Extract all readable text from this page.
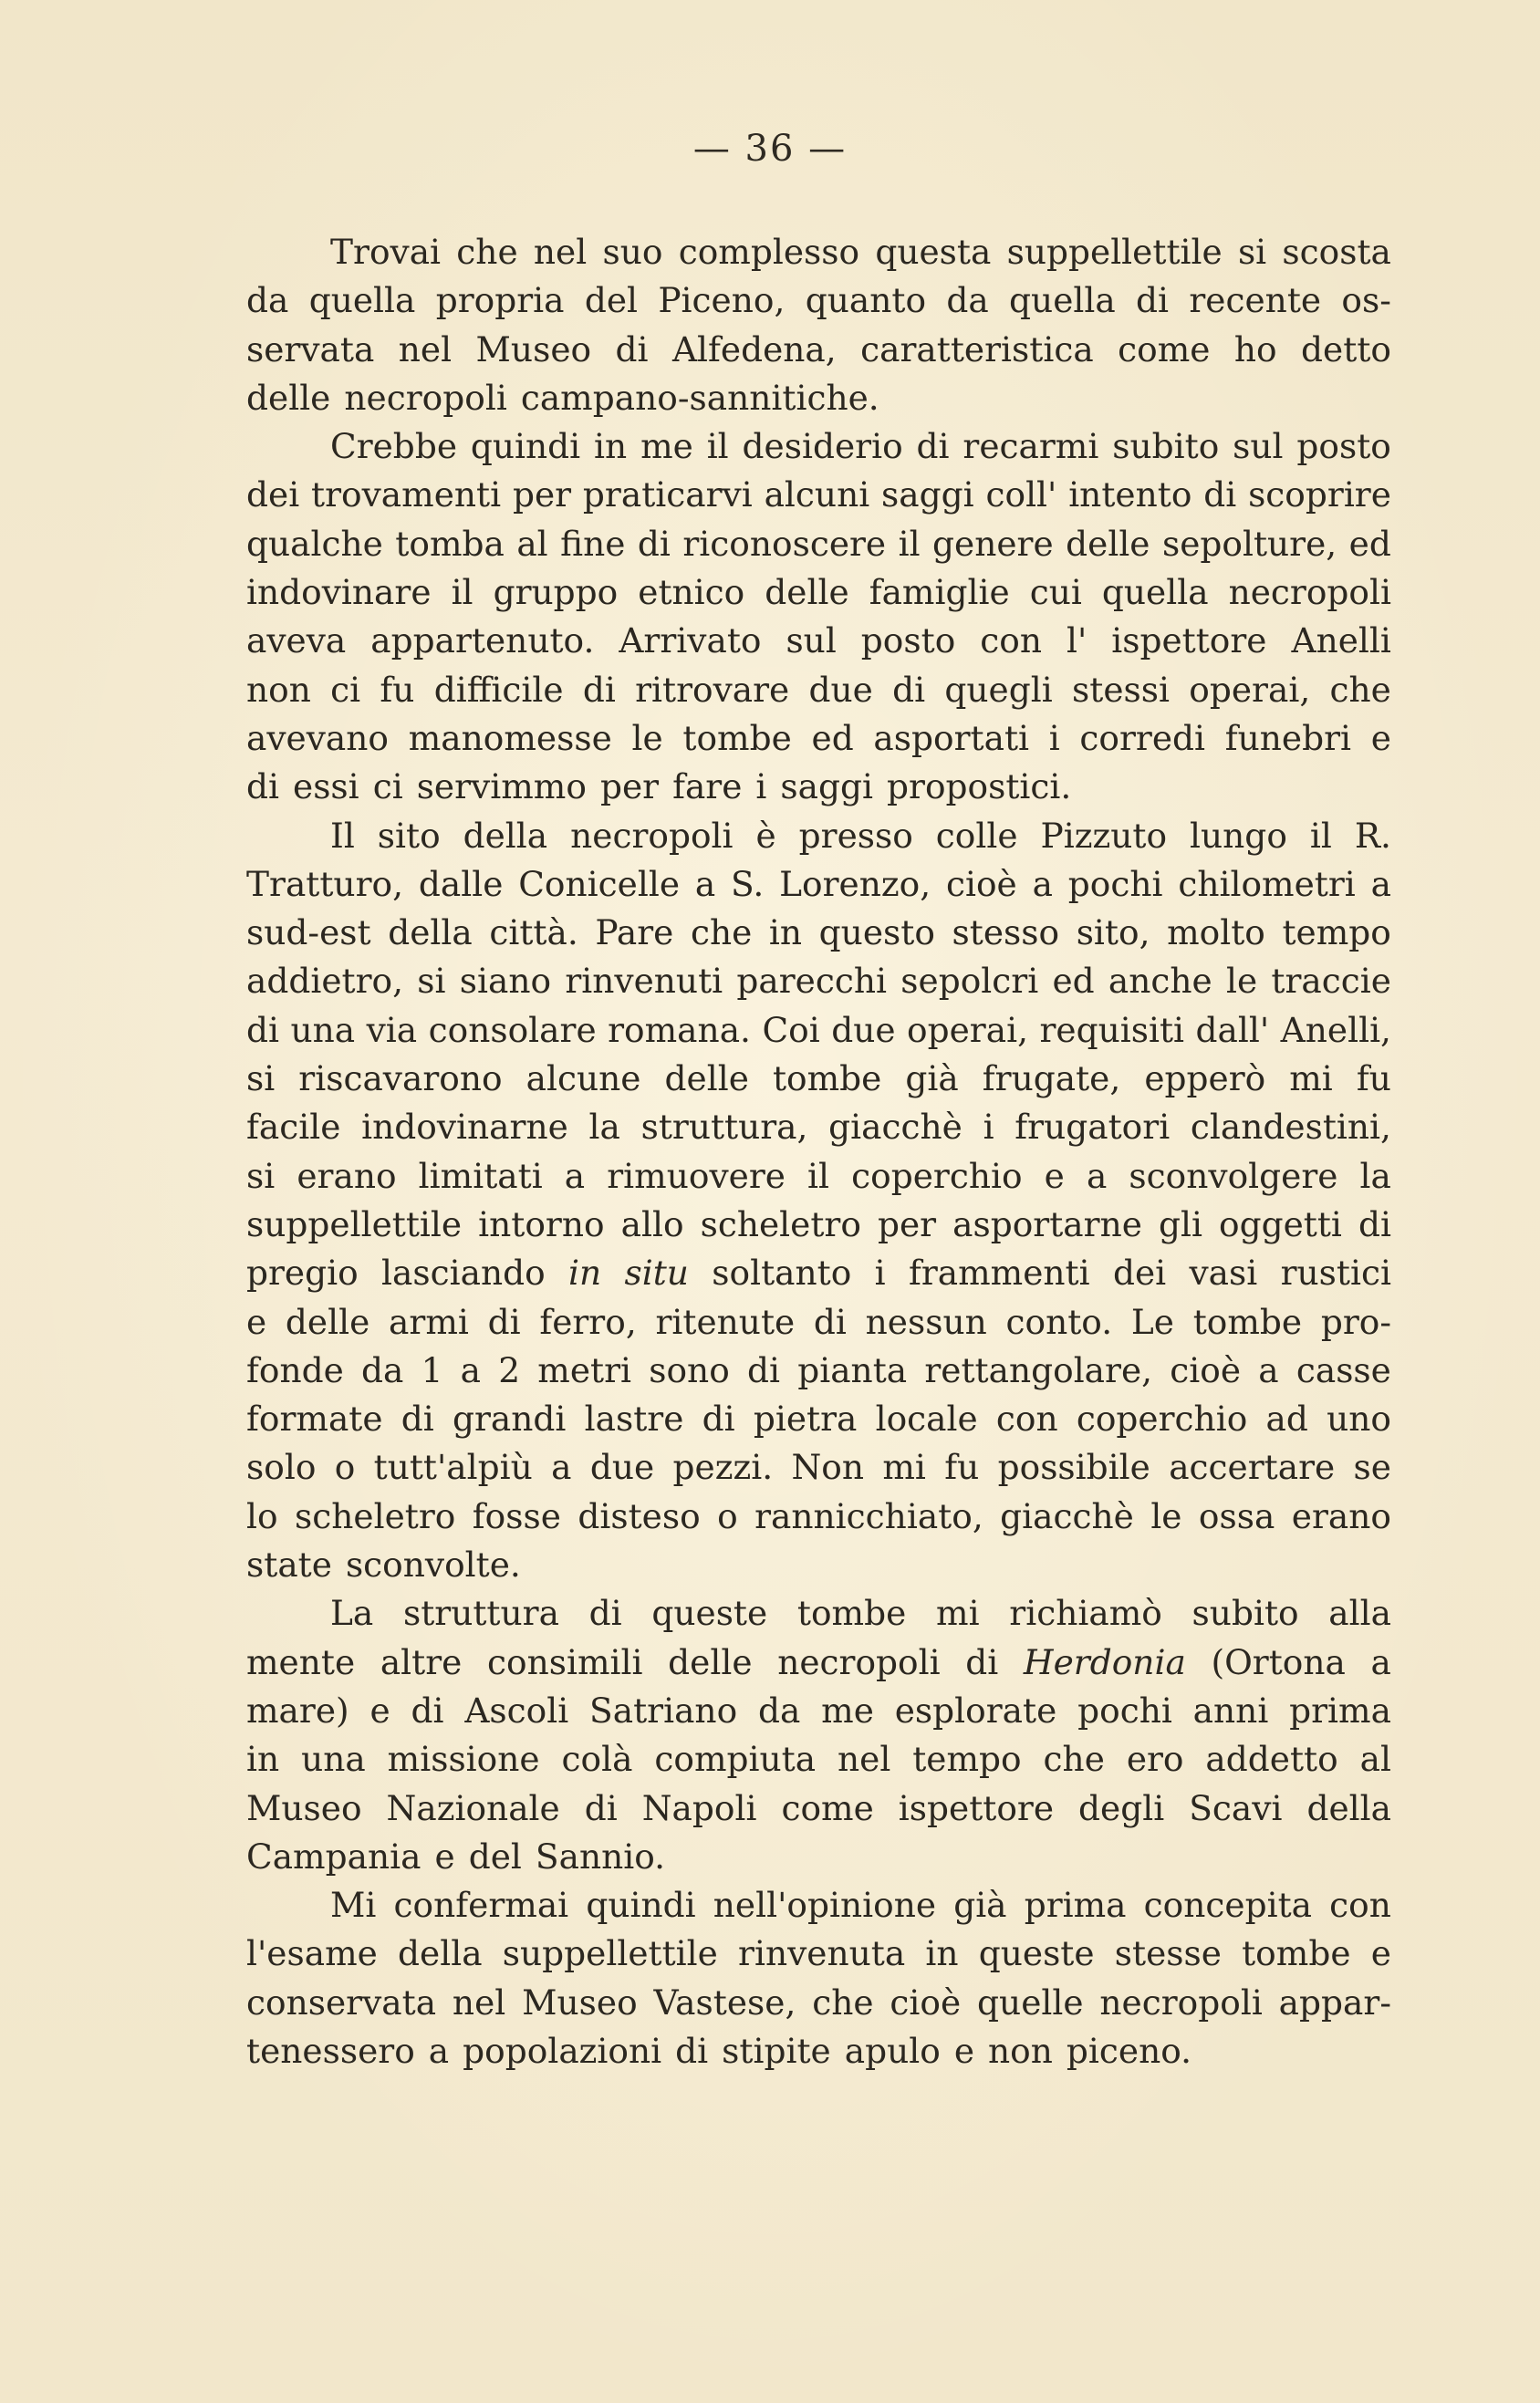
— 36 —
Trovai che nel suo complesso questa suppellettile si scosta
da quella propria del Piceno, quanto da quella di recente os-
servata nel Museo di Alfedena, caratteristica come ho detto
delle necropoli campano-sannitiche.
Crebbe quindi in me il desiderio di recarmi subito sul posto
dei trovamenti per praticarvi alcuni saggi coll' intento di scoprire
qualche tomba al fine di riconoscere il genere delle sepolture, ed
indovinare il gruppo etnico delle famiglie cui quella necropoli
aveva appartenuto. Arrivato sul posto con l' ispettore Anelli
non ci fu difficile di ritrovare due di quegli stessi operai, che
avevano manomesse le tombe ed asportati i corredi funebri e
di essi ci servimmo per fare i saggi propostici.
Il sito della necropoli è presso colle Pizzuto lungo il R.
Tratturo, dalle Conicelle a S. Lorenzo, cioè a pochi chilometri a
sud-est della città. Pare che in questo stesso sito, molto tempo
addietro, si siano rinvenuti parecchi sepolcri ed anche le traccie
di una via consolare romana. Coi due operai, requisiti dall' Anelli,
si riscavarono alcune delle tombe già frugate, epperò mi fu
facile indovinarne la struttura, giacchè i frugatori clandestini,
si erano limitati a rimuovere il coperchio e a sconvolgere la
suppellettile intorno allo scheletro per asportarne gli oggetti di
pregio lasciando in situ soltanto i frammenti dei vasi rustici
e delle armi di ferro, ritenute di nessun conto. Le tombe pro-
fonde da 1 a 2 metri sono di pianta rettangolare, cioè a casse
formate di grandi lastre di pietra locale con coperchio ad uno
solo o tutt'alpiù a due pezzi. Non mi fu possibile accertare se
lo scheletro fosse disteso o rannicchiato, giacchè le ossa erano
state sconvolte.
La struttura di queste tombe mi richiamò subito alla
mente altre consimili delle necropoli di Herdonia (Ortona a
mare) e di Ascoli Satriano da me esplorate pochi anni prima
in una missione colà compiuta nel tempo che ero addetto al
Museo Nazionale di Napoli come ispettore degli Scavi della
Campania e del Sannio.
Mi confermai quindi nell'opinione già prima concepita con
l'esame della suppellettile rinvenuta in queste stesse tombe e
conservata nel Museo Vastese, che cioè quelle necropoli appar-
tenessero a popolazioni di stipite apulo e non piceno.
